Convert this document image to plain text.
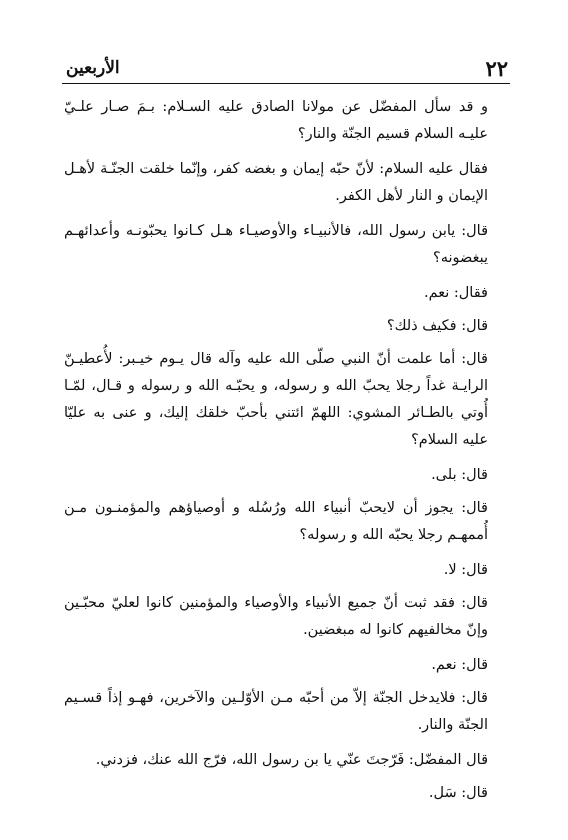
٢٢
الأربعين

و قد سأل المفضّل عن مولانا الصادق عليه السـلام: بـمَ صـار علـيّ عليـه السلام قسيم الجنّة والنار؟

فقال عليه السلام: لأنّ حبّه إيمان و بغضه كفر، وإنّما خلقت الجنّـة لأهـل الإيمان و النار لأهل الكفر.

قال: يابن رسول الله، فالأنبيـاء والأوصيـاء هـل كـانوا يحبّونـه وأعدائهـم يبغضونه؟

فقال: نعم.

قال: فكيف ذلك؟

قال: أما علمت أنّ النبي صلّى الله عليه وآله قال يـوم خيـبر: لأُعطيـنّ الرايـة غداً رجلا يحبّ الله و رسوله، و يحبّـه الله و رسوله و قـال، لمّـا أُوتي بالطـائر المشوي: اللهمّ ائتني بأحبّ خلقك إليك، و عنى به عليّا عليه السلام؟

قال: بلى.

قال: يجوز أن لايحبّ أنبياء الله ورُسُله و أوصياؤهم والمؤمنـون مـن أُممهـم رجلا يحبّه الله و رسوله؟

قال: لا.

قال: فقد ثبت أنّ جميع الأنبياء والأوصياء والمؤمنين كانوا لعليّ محبّـين وإنّ مخالفيهم كانوا له مبغضين.

قال: نعم.

قال: فلايدخل الجنّة إلاّ من أحبّه مـن الأوّلـين والآخرين، فهـو إذاً قسـيم الجنّة والنار.

قال المفضّل: فَرّجتَ عنّي يا بن رسول الله، فرّج الله عنك، فزدني.

قال: سَل.
